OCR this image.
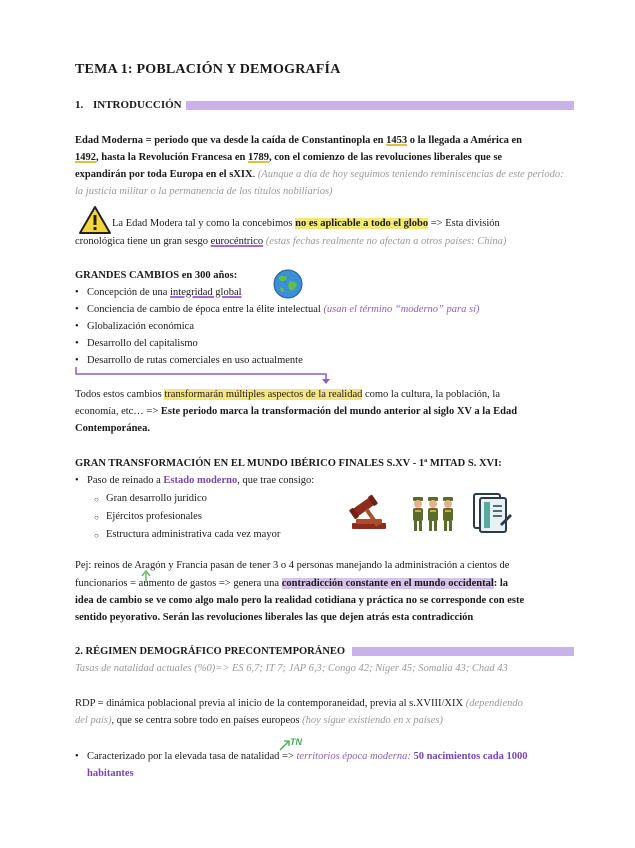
TEMA 1: POBLACIÓN Y DEMOGRAFÍA
1. INTRODUCCIÓN
Edad Moderna = periodo que va desde la caída de Constantinopla en 1453 o la llegada a América en
1492, hasta la Revolución Francesa en 1789, con el comienzo de las revoluciones liberales que se
expandirán por toda Europa en el sXIX. (Aunque a día de hoy seguimos teniendo reminiscencias de este periodo:
la justicia militar o la permanencia de los títulos nobiliarios)
La Edad Modera tal y como la concebimos no es aplicable a todo el globo => Esta división
cronológica tiene un gran sesgo eurocéntrico (estas fechas realmente no afectan a otros países: China)
GRANDES CAMBIOS en 300 años:
• Concepción de una integridad global
• Conciencia de cambio de época entre la élite intelectual (usan el término “moderno” para sí)
• Globalización económica
• Desarrollo del capitalismo
• Desarrollo de rutas comerciales en uso actualmente
Todos estos cambios transformarán múltiples aspectos de la realidad como la cultura, la población, la
economía, etc… => Este periodo marca la transformación del mundo anterior al siglo XV a la Edad
Contemporánea.
GRAN TRANSFORMACIÓN EN EL MUNDO IBÉRICO FINALES S.XV - 1ª MITAD S. XVI:
• Paso de reinado a Estado moderno, que trae consigo:
○ Gran desarrollo jurídico
○ Ejércitos profesionales
○ Estructura administrativa cada vez mayor
Pej: reinos de Aragón y Francia pasan de tener 3 o 4 personas manejando la administración a cientos de
funcionarios = aumento de gastos => genera una contradicción constante en el mundo occidental: la
idea de cambio se ve como algo malo pero la realidad cotidiana y práctica no se corresponde con este
sentido peyorativo. Serán las revoluciones liberales las que dejen atrás esta contradicción
2. RÉGIMEN DEMOGRÁFICO PRECONTEMPORÁNEO
Tasas de natalidad actuales (%0)=> ES 6,7; IT 7; JAP 6,3; Congo 42; Níger 45; Somalia 43; Chad 43
RDP = dinámica poblacional previa al inicio de la contemporaneidad, previa al s.XVIII/XIX (dependiendo
del país), que se centra sobre todo en países europeos (hoy sigue existiendo en x países)
TN
• Caracterizado por la elevada tasa de natalidad => territorios época moderna: 50 nacimientos cada 1000
habitantes
